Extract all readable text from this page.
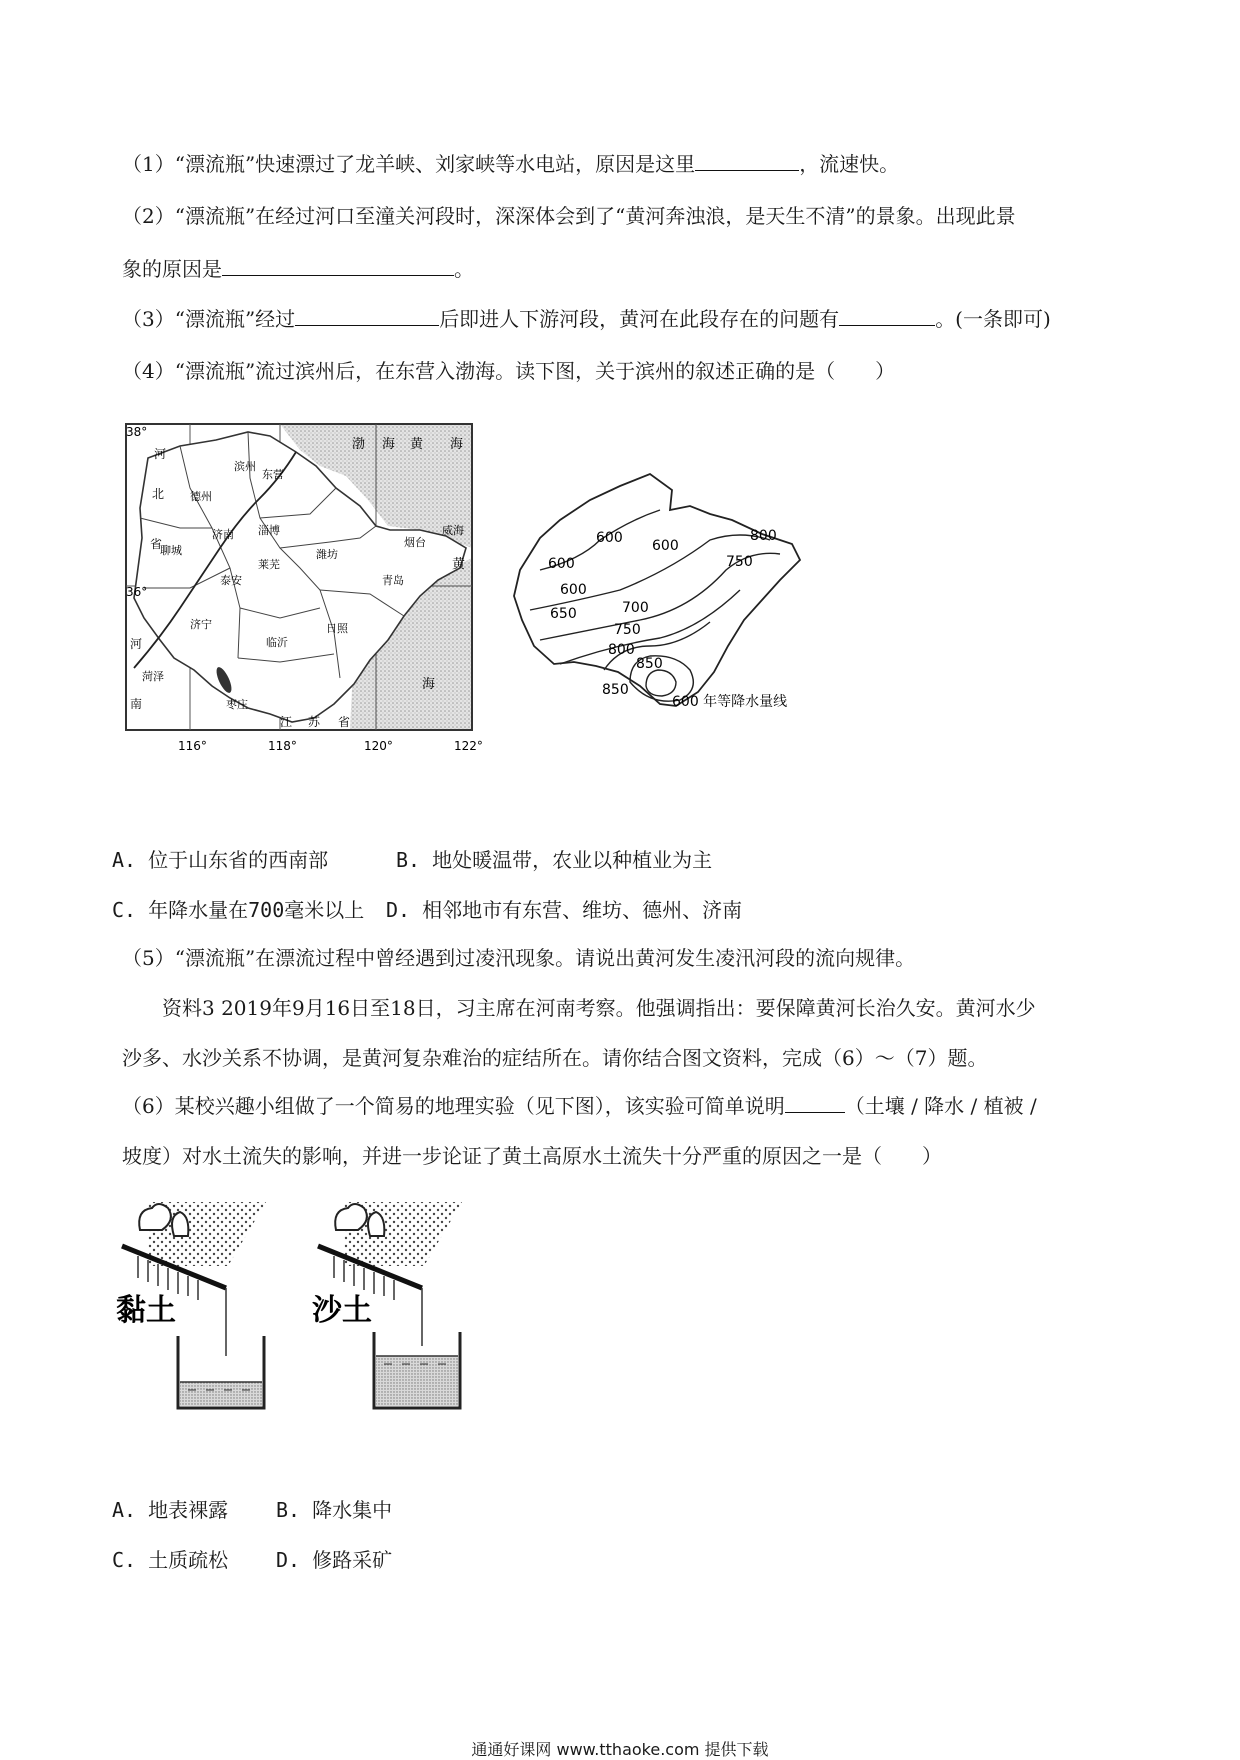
（1）“漂流瓶”快速漂过了龙羊峡、刘家峡等水电站，原因是这里	，流速快。
（2）“漂流瓶”在经过河口至潼关河段时，深深体会到了“黄河奔浊浪，是天生不清”的景象。出现此景
象的原因是	。
（3）“漂流瓶”经过	后即进人下游河段，黄河在此段存在的问题有	。(一条即可)
（4）“漂流瓶”流过滨州后，在东营入渤海。读下图，关于滨州的叙述正确的是（　　）
38°
36°
116°	118°	120°	122°
渤 海 黄 海
黄
海
河
北
省
江 苏 省
河
南
德州
滨州
东营
济南
聊城
泰安
淄博
潍坊
莱芜
济宁
菏泽
临沂
日照
枣庄
青岛
烟台
威海	600 600
600
600
650	700
750
800
850
850
800
750
600 年等降水量线
A. 位于山东省的西南部	B. 地处暖温带，农业以种植业为主
C. 年降水量在700毫米以上 D. 相邻地市有东营、维坊、德州、济南
（5）“漂流瓶”在漂流过程中曾经遇到过凌汛现象。请说出黄河发生凌汛河段的流向规律。
资料3 2019年9月16日至18日，习主席在河南考察。他强调指出：要保障黄河长治久安。黄河水少
沙多、水沙关系不协调，是黄河复杂难治的症结所在。请你结合图文资料，完成（6）～（7）题。
（6）某校兴趣小组做了一个简易的地理实验（见下图），该实验可简单说明	（土壤 / 降水 / 植被 /
坡度）对水土流失的影响，并进一步论证了黄土高原水土流失十分严重的原因之一是（　　）
黏土	沙土
A. 地表裸露 B. 降水集中
C. 土质疏松 D. 修路采矿
通通好课网 www.tthaoke.com 提供下载
